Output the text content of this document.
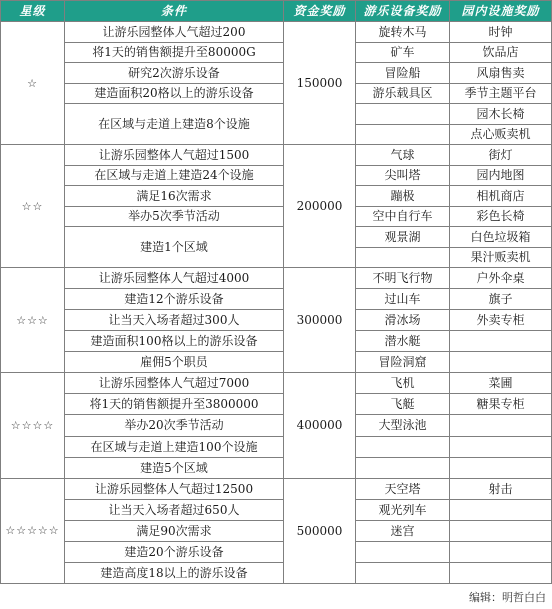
星级	条件	资金奖励	游乐设备奖励	园内设施奖励
☆	让游乐园整体人气超过200	150000	旋转木马	时钟
	将1天的销售额提升至80000G		矿车	饮品店
	研究2次游乐设备		冒险船	风扇售卖
	建造面积20格以上的游乐设备		游乐载具区	季节主题平台
	在区域与走道上建造8个设施			园木长椅
				点心贩卖机
☆☆	让游乐园整体人气超过1500	200000	气球	街灯
	在区域与走道上建造24个设施		尖叫塔	园内地图
	满足16次需求		蹦极	相机商店
	举办5次季节活动		空中自行车	彩色长椅
	建造1个区域		观景湖	白色垃圾箱
				果汁贩卖机
☆☆☆	让游乐园整体人气超过4000	300000	不明飞行物	户外伞桌
	建造12个游乐设备		过山车	旗子
	让当天入场者超过300人		滑冰场	外卖专柜
	建造面积100格以上的游乐设备		潜水艇	
	雇佣5个职员		冒险洞窟	
☆☆☆☆	让游乐园整体人气超过7000	400000	飞机	菜圃
	将1天的销售额提升至3800000		飞艇	糖果专柜
	举办20次季节活动		大型泳池	
	在区域与走道上建造100个设施			
	建造5个区域			
☆☆☆☆☆	让游乐园整体人气超过12500	500000	天空塔	射击
	让当天入场者超过650人		观光列车	
	满足90次需求		迷宫	
	建造20个游乐设备			
	建造高度18以上的游乐设备			
编辑：明哲白白
